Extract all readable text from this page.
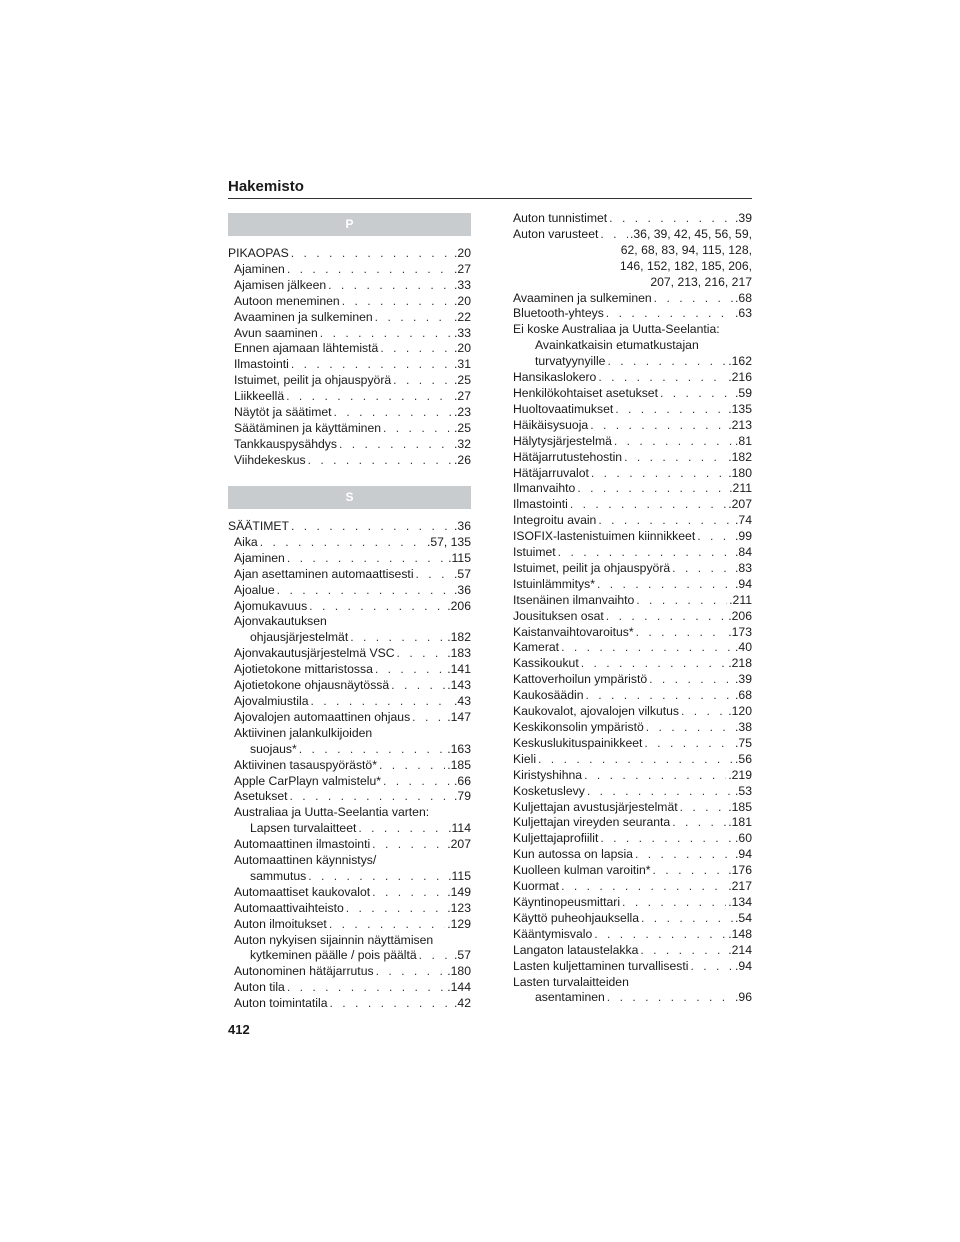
Hakemisto
P
PIKAOPAS . . .	.20
Ajaminen . . .	.27
Ajamisen jälkeen . . .	.33
Autoon meneminen . . .	.20
Avaaminen ja sulkeminen . . .	.22
Avun saaminen . . .	.33
Ennen ajamaan lähtemistä . . .	.20
Ilmastointi . . .	.31
Istuimet, peilit ja ohjauspyörä . . .	.25
Liikkeellä . . .	.27
Näytöt ja säätimet . . .	.23
Säätäminen ja käyttäminen . . .	.25
Tankkauspysähdys . . .	.32
Viihdekeskus . . .	.26
S
SÄÄTIMET . . .	.36
Aika . . .	.57, 135
Ajaminen . . .	.115
Ajan asettaminen automaattisesti . . .	.57
Ajoalue . . .	.36
Ajomukavuus . . .	.206
Ajonvakautuksen
ohjausjärjestelmät . . .	.182
Ajonvakautusjärjestelmä VSC . . .	.183
Ajotietokone mittaristossa . . .	.141
Ajotietokone ohjausnäytössä . . .	.143
Ajovalmiustila . . .	.43
Ajovalojen automaattinen ohjaus . . .	.147
Aktiivinen jalankulkijoiden
suojaus* . . .	.163
Aktiivinen tasauspyörästö* . . .	.185
Apple CarPlayn valmistelu* . . .	.66
Asetukset . . .	.79
Australiaa ja Uutta-Seelantia varten:
Lapsen turvalaitteet . . .	.114
Automaattinen ilmastointi . . .	.207
Automaattinen käynnistys/
sammutus . . .	.115
Automaattiset kaukovalot . . .	.149
Automaattivaihteisto . . .	.123
Auton ilmoitukset . . .	.129
Auton nykyisen sijainnin näyttämisen
kytkeminen päälle / pois päältä . . .	.57
Autonominen hätäjarrutus . . .	.180
Auton tila . . .	.144
Auton toimintatila . . .	.42
Auton tunnistimet . . .	.39
Auton varusteet . . .	.36, 39, 42, 45, 56, 59,
62, 68, 83, 94, 115, 128,
146, 152, 182, 185, 206,
207, 213, 216, 217
Avaaminen ja sulkeminen . . .	.68
Bluetooth-yhteys . . .	.63
Ei koske Australiaa ja Uutta-Seelantia:
Avainkatkaisin etumatkustajan
turvatyynyille . . .	.162
Hansikaslokero . . .	.216
Henkilökohtaiset asetukset . . .	.59
Huoltovaatimukset . . .	.135
Häikäisysuoja . . .	.213
Hälytysjärjestelmä . . .	.81
Hätäjarrutustehostin . . .	.182
Hätäjarruvalot . . .	.180
Ilmanvaihto . . .	.211
Ilmastointi . . .	.207
Integroitu avain . . .	.74
ISOFIX-lastenistuimen kiinnikkeet . . .	.99
Istuimet . . .	.84
Istuimet, peilit ja ohjauspyörä . . .	.83
Istuinlämmitys* . . .	.94
Itsenäinen ilmanvaihto . . .	.211
Jousituksen osat . . .	.206
Kaistanvaihtovaroitus* . . .	.173
Kamerat . . .	.40
Kassikoukut . . .	.218
Kattoverhoilun ympäristö . . .	.39
Kaukosäädin . . .	.68
Kaukovalot, ajovalojen vilkutus . . .	.120
Keskikonsolin ympäristö . . .	.38
Keskuslukituspainikkeet . . .	.75
Kieli . . .	.56
Kiristyshihna . . .	.219
Kosketuslevy . . .	.53
Kuljettajan avustusjärjestelmät . . .	.185
Kuljettajan vireyden seuranta . . .	.181
Kuljettajaprofiilit . . .	.60
Kun autossa on lapsia . . .	.94
Kuolleen kulman varoitin* . . .	.176
Kuormat . . .	.217
Käyntinopeusmittari . . .	.134
Käyttö puheohjauksella . . .	.54
Kääntymisvalo . . .	.148
Langaton lataustelakka . . .	.214
Lasten kuljettaminen turvallisesti . . .	.94
Lasten turvalaitteiden
asentaminen . . .	.96
412
